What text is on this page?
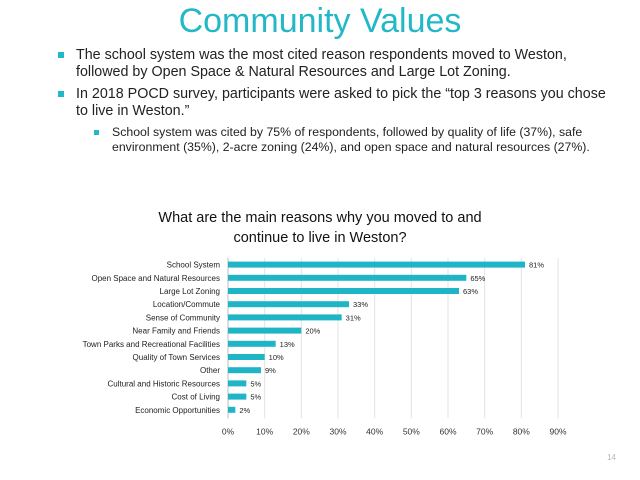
Community Values
The school system was the most cited reason respondents moved to Weston, followed by Open Space & Natural Resources and Large Lot Zoning.
In 2018 POCD survey, participants were asked to pick the “top 3 reasons you chose to live in Weston.”
School system was cited by 75% of respondents, followed by quality of life (37%), safe environment (35%), 2-acre zoning (24%), and open space and natural resources (27%).
What are the main reasons why you moved to and
continue to live in Weston?
0%	10% 20% 30% 40% 50% 60% 70% 80% 90%
School System	81%
Open Space and Natural Resources	65%
Large Lot Zoning	63%
Location/Commute	33%
Sense of Community	31%
Near Family and Friends	20%
Town Parks and Recreational Facilities	13%
Quality of Town Services	10%
Other	9%
Cultural and Historic Resources	5%
Cost of Living	5%
Economic Opportunities	2%
14
